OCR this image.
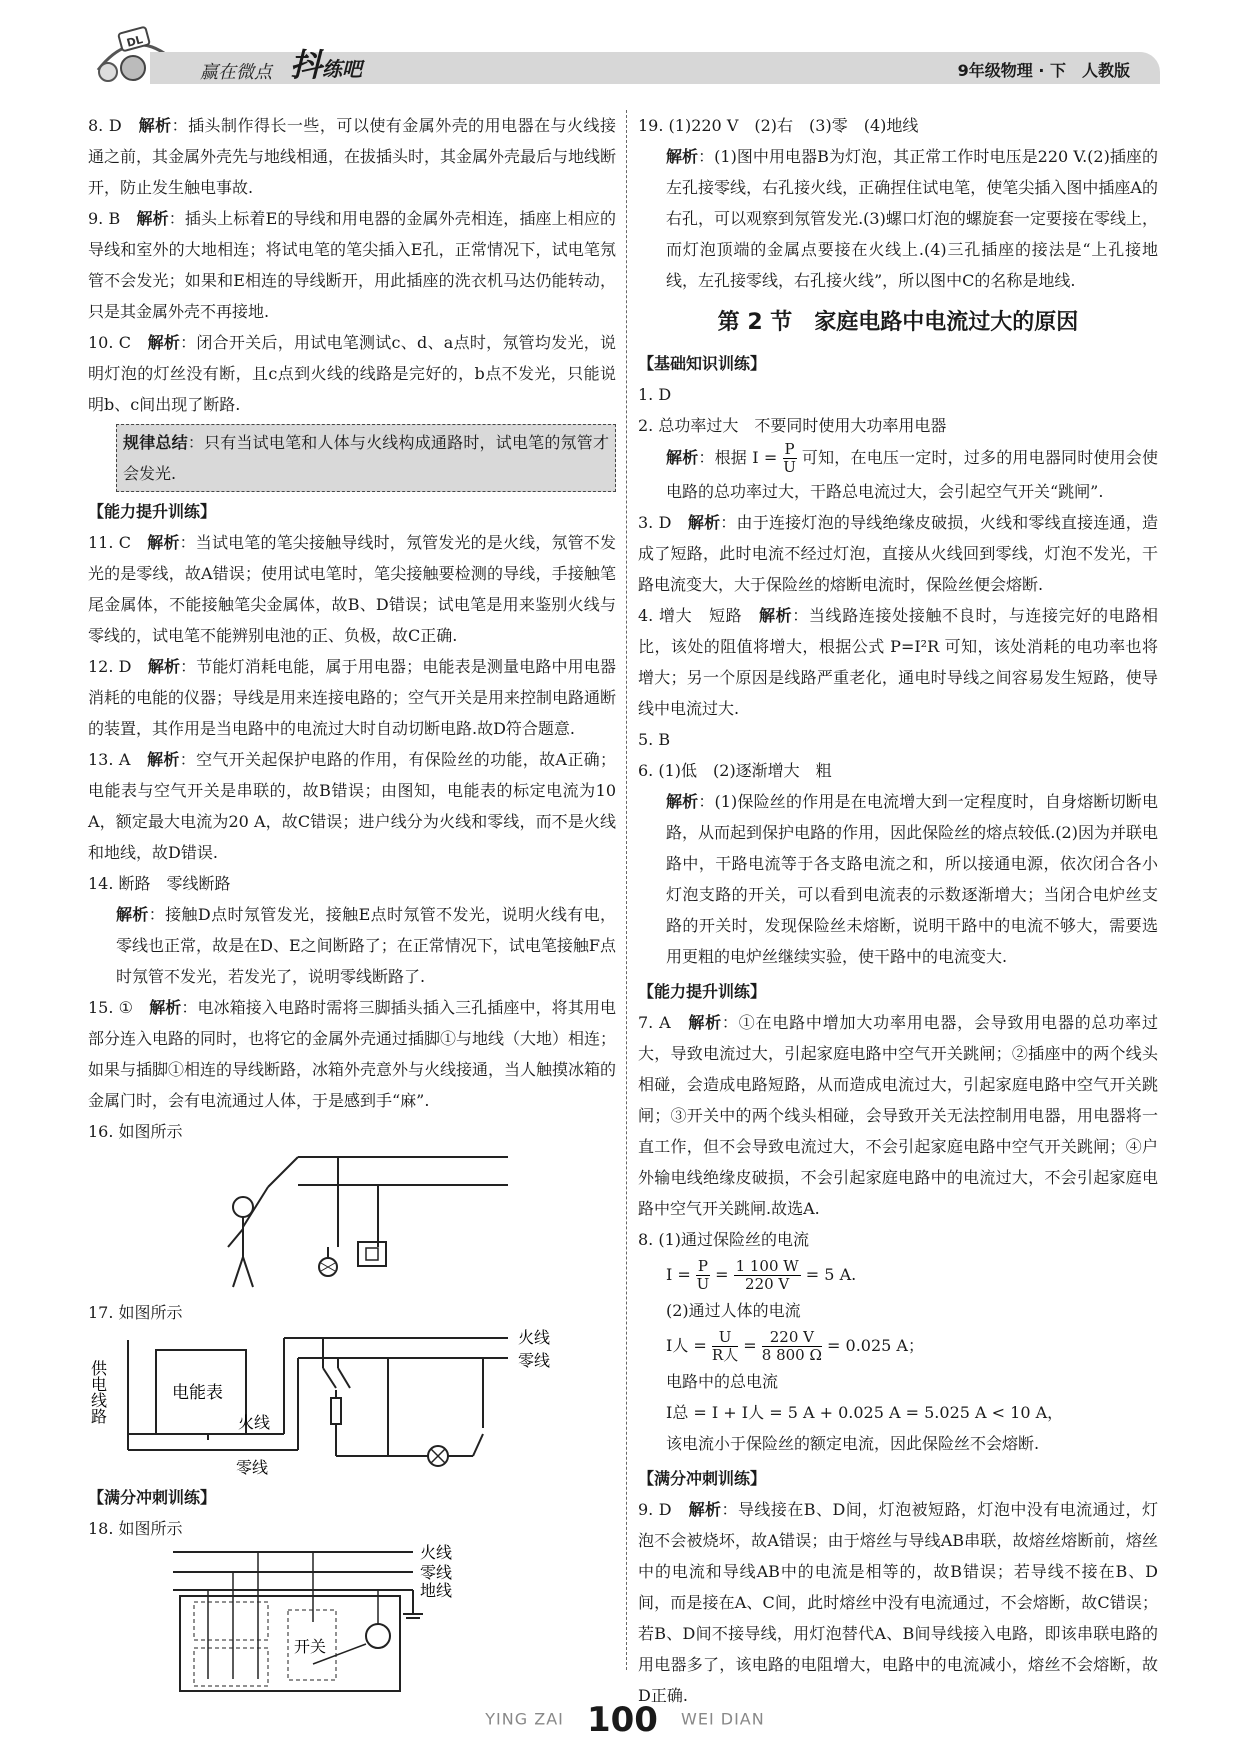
DL
赢在微点 抖练吧	9年级物理 · 下　人教版

8. D　解析：插头制作得长一些，可以使有金属外壳的用电器在与火线接通之前，其金属外壳先与地线相通，在拔插头时，其金属外壳最后与地线断开，防止发生触电事故.

9. B　解析：插头上标着E的导线和用电器的金属外壳相连，插座上相应的导线和室外的大地相连；将试电笔的笔尖插入E孔，正常情况下，试电笔氖管不会发光；如果和E相连的导线断开，用此插座的洗衣机马达仍能转动，只是其金属外壳不再接地.

10. C　解析：闭合开关后，用试电笔测试c、d、a点时，氖管均发光，说明灯泡的灯丝没有断，且c点到火线的线路是完好的，b点不发光，只能说明b、c间出现了断路.

规律总结：只有当试电笔和人体与火线构成通路时，试电笔的氖管才会发光.

【能力提升训练】

11. C　解析：当试电笔的笔尖接触导线时，氖管发光的是火线，氖管不发光的是零线，故A错误；使用试电笔时，笔尖接触要检测的导线，手接触笔尾金属体，不能接触笔尖金属体，故B、D错误；试电笔是用来鉴别火线与零线的，试电笔不能辨别电池的正、负极，故C正确.

12. D　解析：节能灯消耗电能，属于用电器；电能表是测量电路中用电器消耗的电能的仪器；导线是用来连接电路的；空气开关是用来控制电路通断的装置，其作用是当电路中的电流过大时自动切断电路.故D符合题意.

13. A　解析：空气开关起保护电路的作用，有保险丝的功能，故A正确；电能表与空气开关是串联的，故B错误；由图知，电能表的标定电流为10 A，额定最大电流为20 A，故C错误；进户线分为火线和零线，而不是火线和地线，故D错误.

14. 断路　零线断路

解析：接触D点时氖管发光，接触E点时氖管不发光，说明火线有电，零线也正常，故是在D、E之间断路了；在正常情况下，试电笔接触F点时氖管不发光，若发光了，说明零线断路了.

15. ①　解析：电冰箱接入电路时需将三脚插头插入三孔插座中，将其用电部分连入电路的同时，也将它的金属外壳通过插脚①与地线（大地）相连；如果与插脚①相连的导线断路，冰箱外壳意外与火线接通，当人触摸冰箱的金属门时，会有电流通过人体，于是感到手“麻”.

16. 如图所示

17. 如图所示

供电线路	电能表
火线
零线
火线
零线

【满分冲刺训练】

18. 如图所示

火线
零线
地线
开关

19. (1)220 V　(2)右　(3)零　(4)地线

解析：(1)图中用电器B为灯泡，其正常工作时电压是220 V.(2)插座的左孔接零线，右孔接火线，正确捏住试电笔，使笔尖插入图中插座A的右孔，可以观察到氖管发光.(3)螺口灯泡的螺旋套一定要接在零线上，而灯泡顶端的金属点要接在火线上.(4)三孔插座的接法是“上孔接地线，左孔接零线，右孔接火线”，所以图中C的名称是地线.

第 2 节　家庭电路中电流过大的原因

【基础知识训练】

1. D

2. 总功率过大　不要同时使用大功率用电器

解析：根据 $I = \frac{P}{U}$ 可知，在电压一定时，过多的用电器同时使用会使电路的总功率过大，干路总电流过大，会引起空气开关“跳闸”.

3. D　解析：由于连接灯泡的导线绝缘皮破损，火线和零线直接连通，造成了短路，此时电流不经过灯泡，直接从火线回到零线，灯泡不发光，干路电流变大，大于保险丝的熔断电流时，保险丝便会熔断.

4. 增大　短路　解析：当线路连接处接触不良时，与连接完好的电路相比，该处的阻值将增大，根据公式 P=I²R 可知，该处消耗的电功率也将增大；另一个原因是线路严重老化，通电时导线之间容易发生短路，使导线中电流过大.

5. B

6. (1)低　(2)逐渐增大　粗

解析：(1)保险丝的作用是在电流增大到一定程度时，自身熔断切断电路，从而起到保护电路的作用，因此保险丝的熔点较低.(2)因为并联电路中，干路电流等于各支路电流之和，所以接通电源，依次闭合各小灯泡支路的开关，可以看到电流表的示数逐渐增大；当闭合电炉丝支路的开关时，发现保险丝未熔断，说明干路中的电流不够大，需要选用更粗的电炉丝继续实验，使干路中的电流变大.

【能力提升训练】

7. A　解析：①在电路中增加大功率用电器，会导致用电器的总功率过大，导致电流过大，引起家庭电路中空气开关跳闸；②插座中的两个线头相碰，会造成电路短路，从而造成电流过大，引起家庭电路中空气开关跳闸；③开关中的两个线头相碰，会导致开关无法控制用电器，用电器将一直工作，但不会导致电流过大，不会引起家庭电路中空气开关跳闸；④户外输电线绝缘皮破损，不会引起家庭电路中的电流过大，不会引起家庭电路中空气开关跳闸.故选A.

8. (1)通过保险丝的电流

$I = \frac{P}{U} = \frac{1 100 W}{220 V} = 5$ A.

(2)通过人体的电流

I人 = $\frac{U}{\text{R人}} = \frac{220 V}{8 800 \Omega} = 0.025$ A；

电路中的总电流

I总 = I + I人 = 5 A + 0.025 A = 5.025 A < 10 A，

该电流小于保险丝的额定电流，因此保险丝不会熔断.

【满分冲刺训练】

9. D　解析：导线接在B、D间，灯泡被短路，灯泡中没有电流通过，灯泡不会被烧坏，故A错误；由于熔丝与导线AB串联，故熔丝熔断前，熔丝中的电流和导线AB中的电流是相等的，故B错误；若导线不接在B、D间，而是接在A、C间，此时熔丝中没有电流通过，不会熔断，故C错误；若B、D间不接导线，用灯泡替代A、B间导线接入电路，即该串联电路的用电器多了，该电路的电阻增大，电路中的电流减小，熔丝不会熔断，故D正确.

YING ZAI 100 WEI DIAN
